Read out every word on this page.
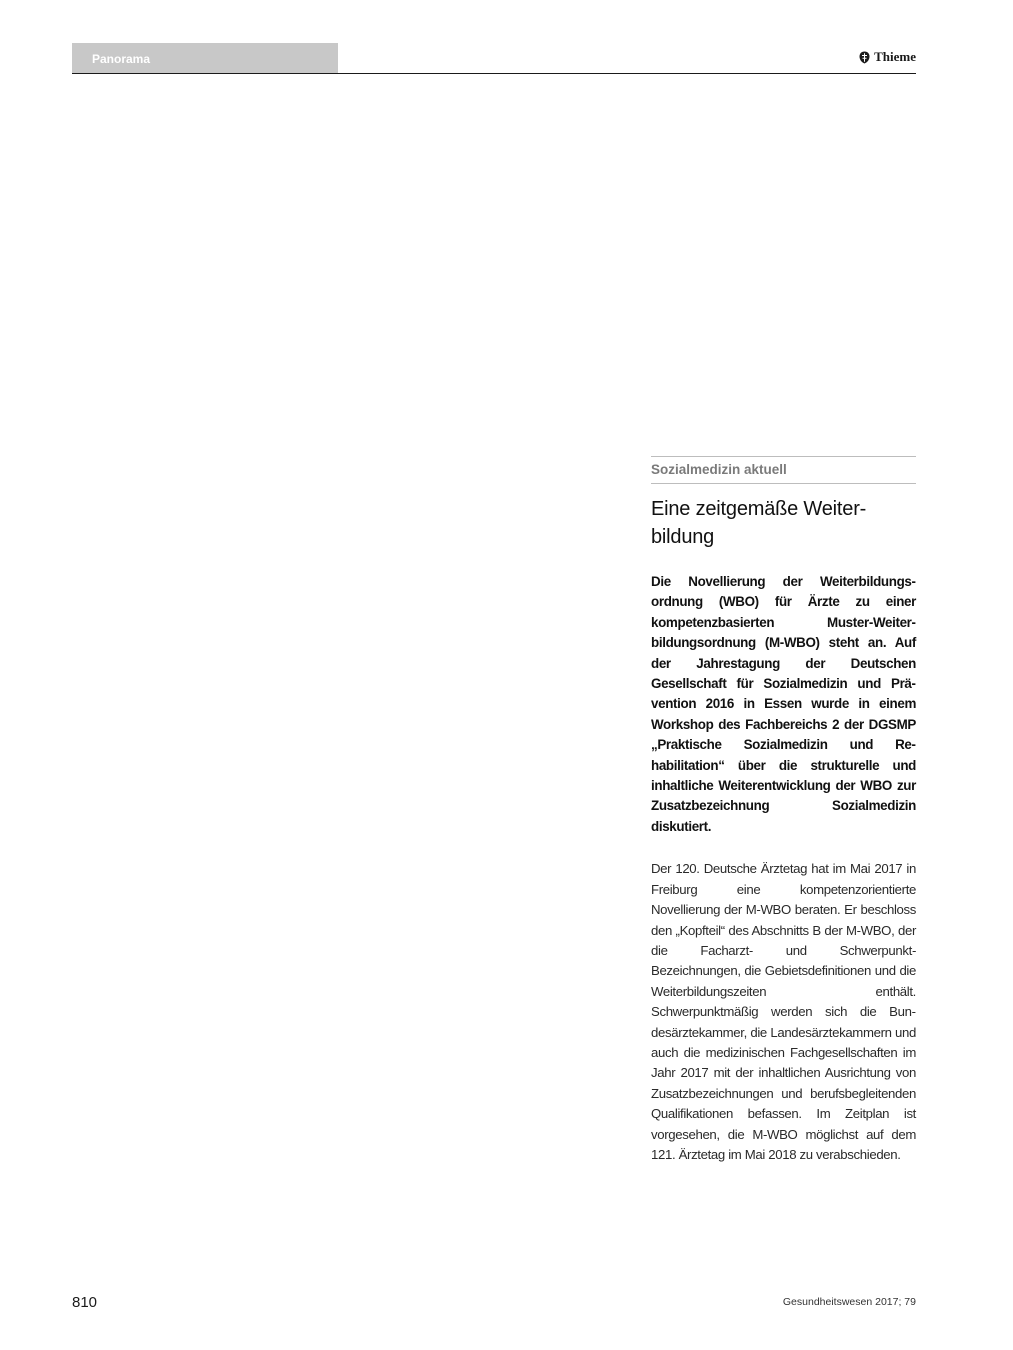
Panorama	Thieme
Sozialmedizin aktuell
Eine zeitgemäße Weiter-bildung
Die Novellierung der Weiterbildungsordnung (WBO) für Ärzte zu einer kompetenzbasierten Muster-Weiterbildungsordnung (M-WBO) steht an. Auf der Jahrestagung der Deutschen Gesellschaft für Sozialmedizin und Prävention 2016 in Essen wurde in einem Workshop des Fachbereichs 2 der DGSMP „Praktische Sozialmedizin und Rehabilitation“ über die strukturelle und inhaltliche Weiterentwicklung der WBO zur Zusatzbezeichnung Sozialmedizin diskutiert.
Der 120. Deutsche Ärztetag hat im Mai 2017 in Freiburg eine kompetenzorientierte Novellierung der M-WBO beraten. Er beschloss den „Kopfteil“ des Abschnitts B der M-WBO, der die Facharzt- und Schwerpunkt-Bezeichnungen, die Gebietsdefinitionen und die Weiterbildungszeiten enthält. Schwerpunktmäßig werden sich die Bundesärztekammer, die Landesärztekammern und auch die medizinischen Fachgesellschaften im Jahr 2017 mit der inhaltlichen Ausrichtung von Zusatzbezeichnungen und berufsbegleitenden Qualifikationen befassen. Im Zeitplan ist vorgesehen, die M-WBO möglichst auf dem 121. Ärztetag im Mai 2018 zu verabschieden.
810	Gesundheitswesen 2017; 79
